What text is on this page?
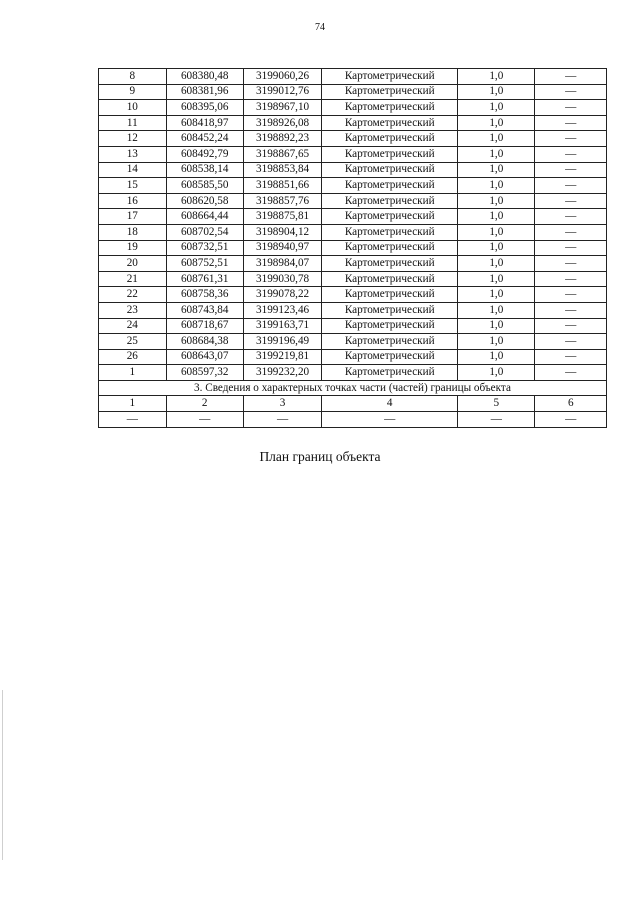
74
8	608380,48	3199060,26	Картометрический	1,0	—
9	608381,96	3199012,76	Картометрический	1,0	—
10	608395,06	3198967,10	Картометрический	1,0	—
11	608418,97	3198926,08	Картометрический	1,0	—
12	608452,24	3198892,23	Картометрический	1,0	—
13	608492,79	3198867,65	Картометрический	1,0	—
14	608538,14	3198853,84	Картометрический	1,0	—
15	608585,50	3198851,66	Картометрический	1,0	—
16	608620,58	3198857,76	Картометрический	1,0	—
17	608664,44	3198875,81	Картометрический	1,0	—
18	608702,54	3198904,12	Картометрический	1,0	—
19	608732,51	3198940,97	Картометрический	1,0	—
20	608752,51	3198984,07	Картометрический	1,0	—
21	608761,31	3199030,78	Картометрический	1,0	—
22	608758,36	3199078,22	Картометрический	1,0	—
23	608743,84	3199123,46	Картометрический	1,0	—
24	608718,67	3199163,71	Картометрический	1,0	—
25	608684,38	3199196,49	Картометрический	1,0	—
26	608643,07	3199219,81	Картометрический	1,0	—
1	608597,32	3199232,20	Картометрический	1,0	—
3. Сведения о характерных точках части (частей) границы объекта					
1	2	3	4	5	6
—	—	—	—	—	—
План границ объекта
